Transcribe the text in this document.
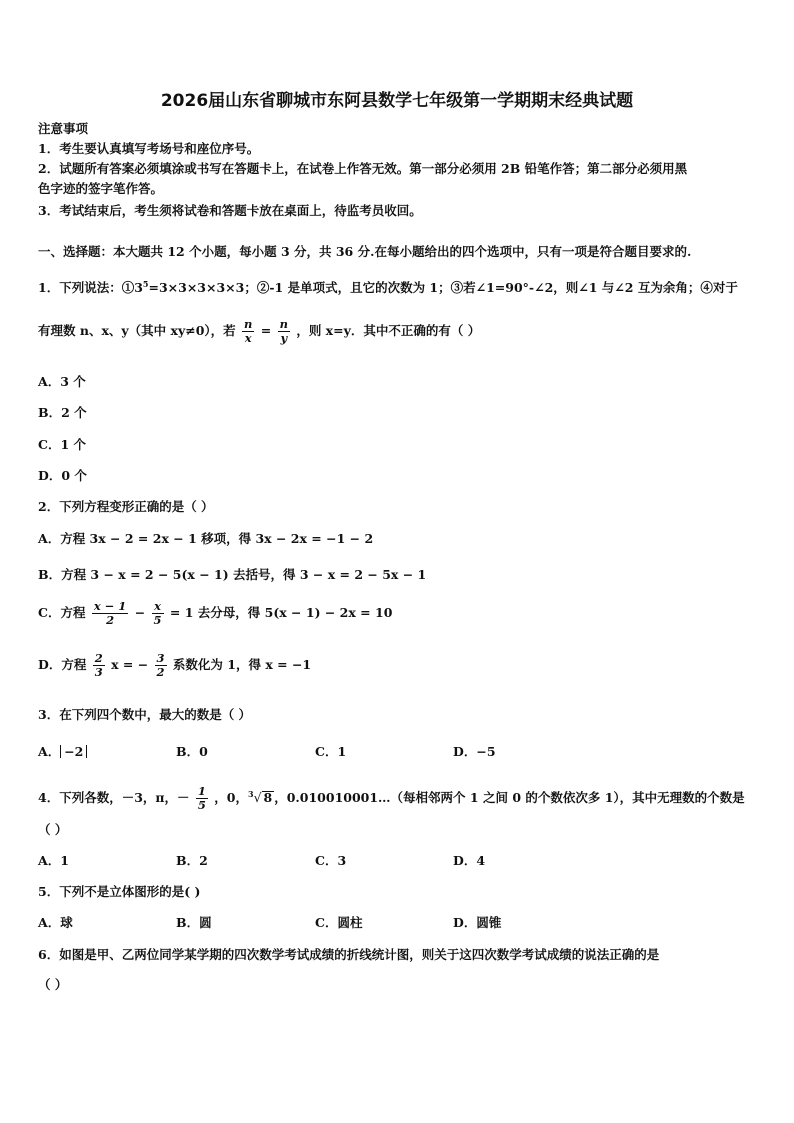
2026届山东省聊城市东阿县数学七年级第一学期期末经典试题
注意事项
1．考生要认真填写考场号和座位序号。
2．试题所有答案必须填涂或书写在答题卡上，在试卷上作答无效。第一部分必须用 2B 铅笔作答；第二部分必须用黑
色字迹的签字笔作答。
3．考试结束后，考生须将试卷和答题卡放在桌面上，待监考员收回。
一、选择题：本大题共 12 个小题，每小题 3 分，共 36 分.在每小题给出的四个选项中，只有一项是符合题目要求的.
1．下列说法：$①3^5=3\times 3\times 3\times 3\times 3$；②-1 是单项式，且它的次数为 1；③若∠1=90°-∠2，则∠1 与∠2 互为余角；④对于
有理数 n、x、y（其中 xy≠0），若 $\frac{n}{x} = \frac{n}{y}$ ，则 x=y．其中不正确的有（ ）
A．3 个
B．2 个
C．1 个
D．0 个
2．下列方程变形正确的是（ ）
A．方程 3x − 2 = 2x − 1 移项，得 3x − 2x = −1 − 2
B．方程 3 − x = 2 − 5(x − 1) 去括号，得 3 − x = 2 − 5x − 1
C．方程 $\frac{x - 1}{2} - \frac{x}{5} = 1$ 去分母，得 5(x − 1) − 2x = 10
D．方程 $\frac{2}{3}$ x = − $\frac{3}{2}$ 系数化为 1，得 x = −1
3．在下列四个数中，最大的数是（ ）
A． −2	B．0	C．1	D．−5
4．下列各数，－3，π，－ $\frac{1}{5}$ ，0，$^3$√ 8 ，0.010010001…（每相邻两个 1 之间 0 的个数依次多 1），其中无理数的个数是
（ ）
A．1	B．2	C．3	D．4
5．下列不是立体图形的是( )
A．球	B．圆	C．圆柱	D．圆锥
6．如图是甲、乙两位同学某学期的四次数学考试成绩的折线统计图，则关于这四次数学考试成绩的说法正确的是
（ ）
